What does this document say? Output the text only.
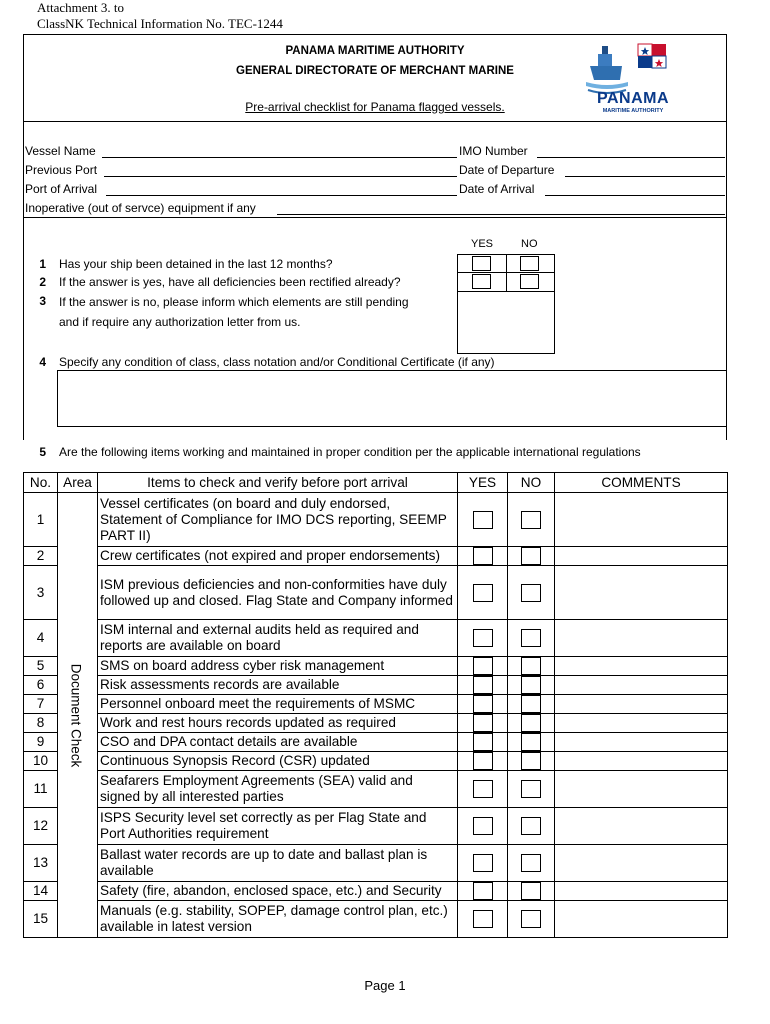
Attachment 3. to
ClassNK Technical Information No. TEC-1244
PANAMA MARITIME AUTHORITY
GENERAL DIRECTORATE OF MERCHANT MARINE
Pre-arrival checklist for Panama flagged vessels.	PANAMA
MARITIME AUTHORITY
Vessel Name	IMO Number
Previous Port	Date of Departure
Port of Arrival	Date of Arrival
Inoperative (out of servce) equipment if any
YES	NO
1 Has your ship been detained in the last 12 months?
2 If the answer is yes, have all deficiencies been rectified already?
3 If the answer is no, please inform which elements are still pending
and if require any authorization letter from us.
4 Specify any condition of class, class notation and/or Conditional Certificate (if any)
5 Are the following items working and maintained in proper condition per the applicable international regulations
No.	Area	Items to check and verify before port arrival	YES	NO	COMMENTS
1		Vessel certificates (on board and duly endorsed, Statement of Compliance for IMO DCS reporting, SEEMP PART II)			
2		Crew certificates (not expired and proper endorsements)			
3		ISM previous deficiencies and non-conformities have duly followed up and closed. Flag State and Company informed			
4		ISM internal and external audits held as required and reports are available on board			
5		SMS on board address cyber risk management			
6		Risk assessments records are available			
7		Personnel onboard meet the requirements of MSMC			
8		Work and rest hours records updated as required			
9		CSO and DPA contact details are available			
10		Continuous Synopsis Record (CSR) updated			
11		Seafarers Employment Agreements (SEA) valid and signed by all interested parties			
12		ISPS Security level set correctly as per Flag State and Port Authorities requirement			
13		Ballast water records are up to date and ballast plan is available			
14		Safety (fire, abandon, enclosed space, etc.) and Security			
15		Manuals (e.g. stability, SOPEP, damage control plan, etc.) available in latest version			
Document Check
Page 1
